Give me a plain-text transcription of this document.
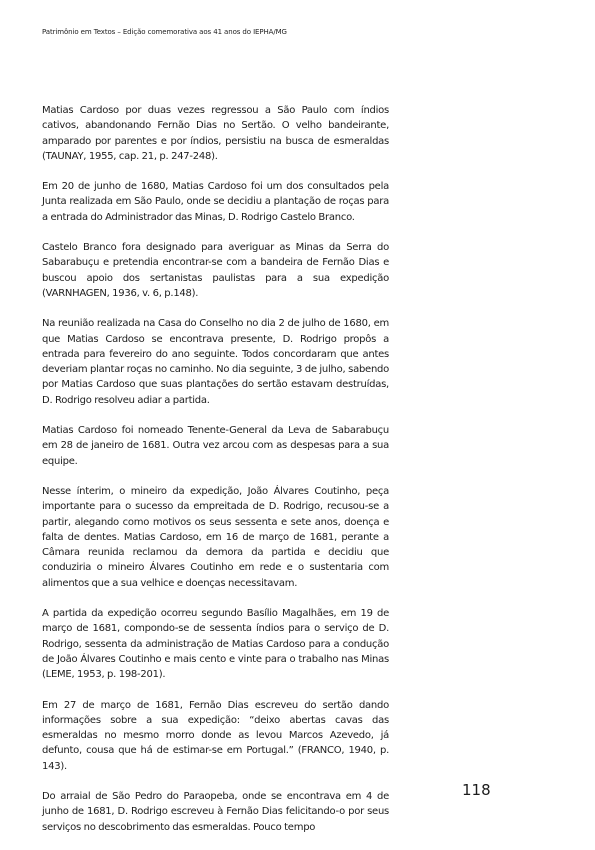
Patrimônio em Textos – Edição comemorativa aos 41 anos do IEPHA/MG

Matias Cardoso por duas vezes regressou a São Paulo com índios cativos, abandonando Fernão Dias no Sertão. O velho bandeirante, amparado por parentes e por índios, persistiu na busca de esmeraldas (TAUNAY, 1955, cap. 21, p. 247-248).

Em 20 de junho de 1680, Matias Cardoso foi um dos consultados pela Junta realizada em São Paulo, onde se decidiu a plantação de roças para a entrada do Administrador das Minas, D. Rodrigo Castelo Branco.

Castelo Branco fora designado para averiguar as Minas da Serra do Sabarabuçu e pretendia encontrar-se com a bandeira de Fernão Dias e buscou apoio dos sertanistas paulistas para a sua expedição (VARNHAGEN, 1936, v. 6, p.148).

Na reunião realizada na Casa do Conselho no dia 2 de julho de 1680, em que Matias Cardoso se encontrava presente, D. Rodrigo propôs a entrada para fevereiro do ano seguinte. Todos concordaram que antes deveriam plantar roças no caminho. No dia seguinte, 3 de julho, sabendo por Matias Cardoso que suas plantações do sertão estavam destruídas, D. Rodrigo resolveu adiar a partida.

Matias Cardoso foi nomeado Tenente-General da Leva de Sabarabuçu em 28 de janeiro de 1681. Outra vez arcou com as despesas para a sua equipe.

Nesse ínterim, o mineiro da expedição, João Álvares Coutinho, peça importante para o sucesso da empreitada de D. Rodrigo, recusou-se a partir, alegando como motivos os seus sessenta e sete anos, doença e falta de dentes. Matias Cardoso, em 16 de março de 1681, perante a Câmara reunida reclamou da demora da partida e decidiu que conduziria o mineiro Álvares Coutinho em rede e o sustentaria com alimentos que a sua velhice e doenças necessitavam.

A partida da expedição ocorreu segundo Basílio Magalhães, em 19 de março de 1681, compondo-se de sessenta índios para o serviço de D. Rodrigo, sessenta da administração de Matias Cardoso para a condução de João Álvares Coutinho e mais cento e vinte para o trabalho nas Minas (LEME, 1953, p. 198-201).

Em 27 de março de 1681, Fernão Dias escreveu do sertão dando informações sobre a sua expedição: “deixo abertas cavas das esmeraldas no mesmo morro donde as levou Marcos Azevedo, já defunto, cousa que há de estimar-se em Portugal.” (FRANCO, 1940, p. 143).

Do arraial de São Pedro do Paraopeba, onde se encontrava em 4 de junho de 1681, D. Rodrigo escreveu à Fernão Dias felicitando-o por seus serviços no descobrimento das esmeraldas. Pouco tempo

118
